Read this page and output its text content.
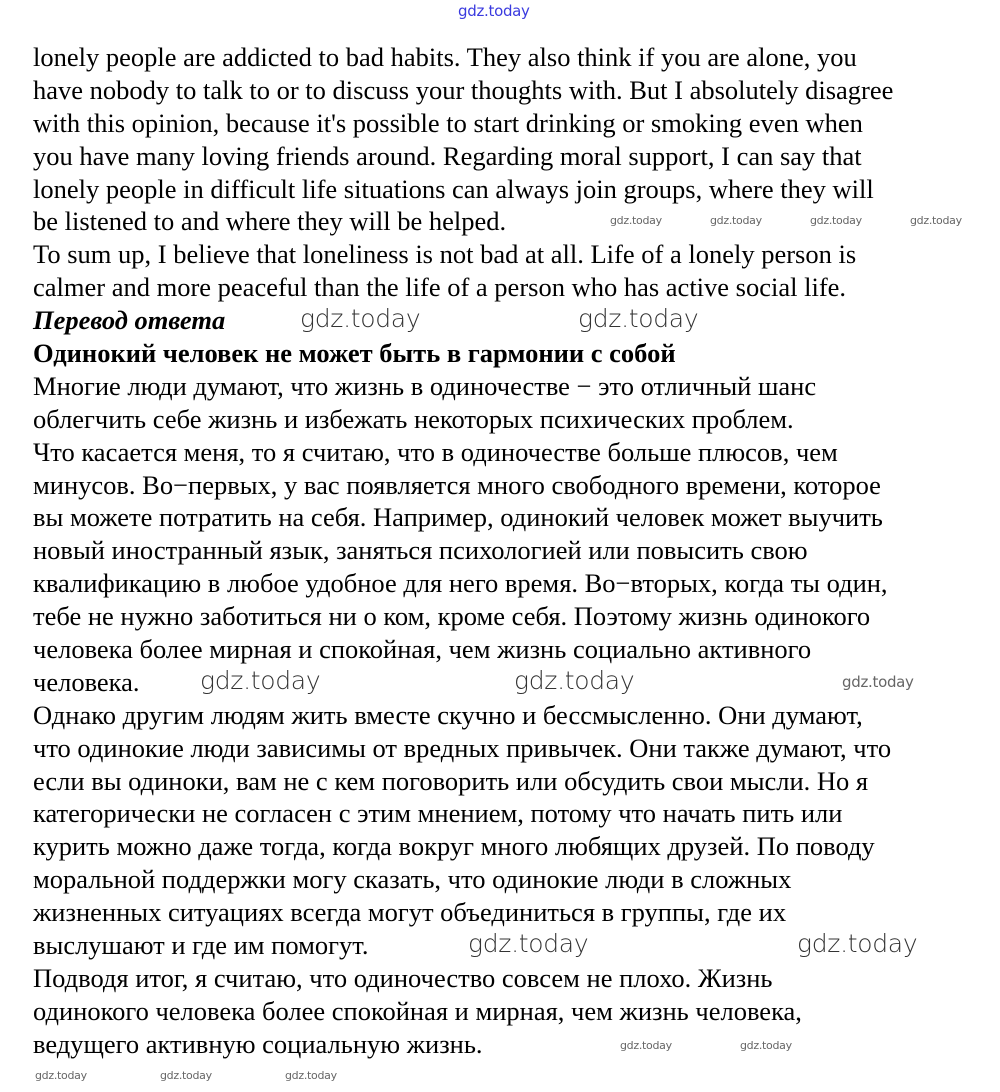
gdz.today
lonely people are addicted to bad habits. They also think if you are alone, you
have nobody to talk to or to discuss your thoughts with. But I absolutely disagree
with this opinion, because it's possible to start drinking or smoking even when
you have many loving friends around. Regarding moral support, I can say that
lonely people in difficult life situations can always join groups, where they will
be listened to and where they will be helped.
To sum up, I believe that loneliness is not bad at all. Life of a lonely person is
calmer and more peaceful than the life of a person who has active social life.
Перевод ответа
Одинокий человек не может быть в гармонии с собой
Многие люди думают, что жизнь в одиночестве − это отличный шанс
облегчить себе жизнь и избежать некоторых психических проблем.
Что касается меня, то я считаю, что в одиночестве больше плюсов, чем
минусов. Во−первых, у вас появляется много свободного времени, которое
вы можете потратить на себя. Например, одинокий человек может выучить
новый иностранный язык, заняться психологией или повысить свою
квалификацию в любое удобное для него время. Во−вторых, когда ты один,
тебе не нужно заботиться ни о ком, кроме себя. Поэтому жизнь одинокого
человека более мирная и спокойная, чем жизнь социально активного
человека.
Однако другим людям жить вместе скучно и бессмысленно. Они думают,
что одинокие люди зависимы от вредных привычек. Они также думают, что
если вы одиноки, вам не с кем поговорить или обсудить свои мысли. Но я
категорически не согласен с этим мнением, потому что начать пить или
курить можно даже тогда, когда вокруг много любящих друзей. По поводу
моральной поддержки могу сказать, что одинокие люди в сложных
жизненных ситуациях всегда могут объединиться в группы, где их
выслушают и где им помогут.
Подводя итог, я считаю, что одиночество совсем не плохо. Жизнь
одинокого человека более спокойная и мирная, чем жизнь человека,
ведущего активную социальную жизнь.
gdz.today	gdz.today	gdz.today	gdz.today
gdz.today	gdz.today
gdz.today	gdz.today	gdz.today
gdz.today	gdz.today
gdz.today	gdz.today
gdz.today	gdz.today	gdz.today
